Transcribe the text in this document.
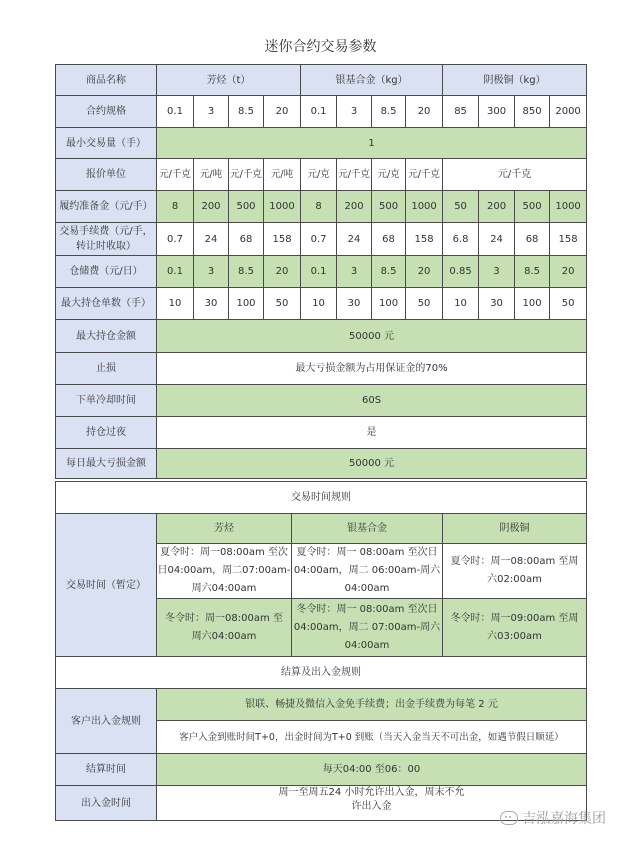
迷你合约交易参数
商品名称	芳烃（t）				银基合金（kg）				阴极铜（kg）			
合约规格	0.1	3	8.5	20	0.1	3	8.5	20	85	300	850	2000
最小交易量（手）	1											
报价单位	元/千克	元/吨	元/千克	元/吨	元/克	元/千克	元/克	元/千克	元/千克			
履约准备金（元/手）	8	200	500	1000	8	200	500	1000	50	200	500	1000
交易手续费（元/手，转让时收取）	0.7	24	68	158	0.7	24	68	158	6.8	24	68	158
仓储费（元/日）	0.1	3	8.5	20	0.1	3	8.5	20	0.85	3	8.5	20
最大持仓单数（手）	10	30	100	50	10	30	100	50	10	30	100	50
最大持仓金额	50000 元											
止损	最大亏损金额为占用保证金的70%											
下单冷却时间	60S											
持仓过夜	是											
每日最大亏损金额	50000 元											
交易时间规则			
交易时间（暂定）	芳烃	银基合金	阴极铜
	夏令时：周一08:00am 至次日04:00am，周二07:00am-周六04:00am	夏令时：周一 08:00am 至次日04:00am，周二 06:00am-周六04:00am	夏令时：周一08:00am 至周六02:00am
	冬令时：周一08:00am 至周六04:00am	冬令时：周一 08:00am 至次日04:00am，周二 07:00am-周六04:00am	冬令时：周一09:00am 至周六03:00am
结算及出入金规则			
客户出入金规则	银联、畅捷及微信入金免手续费；出金手续费为每笔 2 元		
	客户入金到账时间T+0，出金时间为T+0 到账（当天入金当天不可出金，如遇节假日顺延）		
结算时间	每天04:00 至06：00		
出入金时间	周一至周五24 小时允许出入金，周末不允许出入金		
吉泓嘉海集团
